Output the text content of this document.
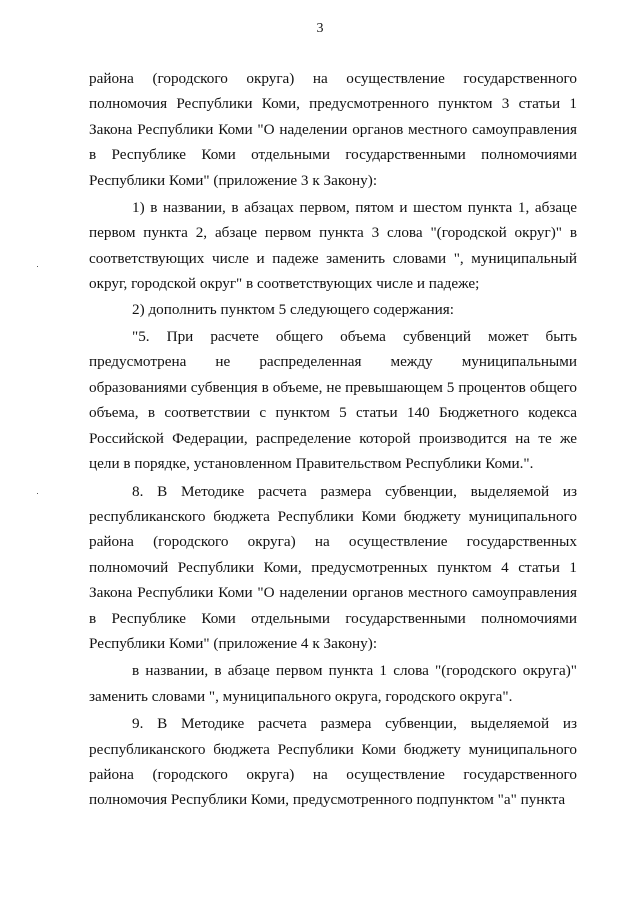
3

района (городского округа) на осуществление государственного полномочия Республики Коми, предусмотренного пунктом 3 статьи 1 Закона Республики Коми "О наделении органов местного самоуправления в Республике Коми отдельными государственными полномочиями Республики Коми" (приложение 3 к Закону):

1) в названии, в абзацах первом, пятом и шестом пункта 1, абзаце первом пункта 2, абзаце первом пункта 3 слова "(городской округ)" в соответствующих числе и падеже заменить словами ", муниципальный округ, городской округ" в соответствующих числе и падеже;

2) дополнить пунктом 5 следующего содержания:

"5. При расчете общего объема субвенций может быть предусмотрена не распределенная между муниципальными образованиями субвенция в объеме, не превышающем 5 процентов общего объема, в соответствии с пунктом 5 статьи 140 Бюджетного кодекса Российской Федерации, распределение которой производится на те же цели в порядке, установленном Правительством Республики Коми.".

8. В Методике расчета размера субвенции, выделяемой из республиканского бюджета Республики Коми бюджету муниципального района (городского округа) на осуществление государственных полномочий Республики Коми, предусмотренных пунктом 4 статьи 1 Закона Республики Коми "О наделении органов местного самоуправления в Республике Коми отдельными государственными полномочиями Республики Коми" (приложение 4 к Закону):

в названии, в абзаце первом пункта 1 слова "(городского округа)" заменить словами ", муниципального округа, городского округа".

9. В Методике расчета размера субвенции, выделяемой из республиканского бюджета Республики Коми бюджету муниципального района (городского округа) на осуществление государственного полномочия Республики Коми, предусмотренного подпунктом "а" пункта
